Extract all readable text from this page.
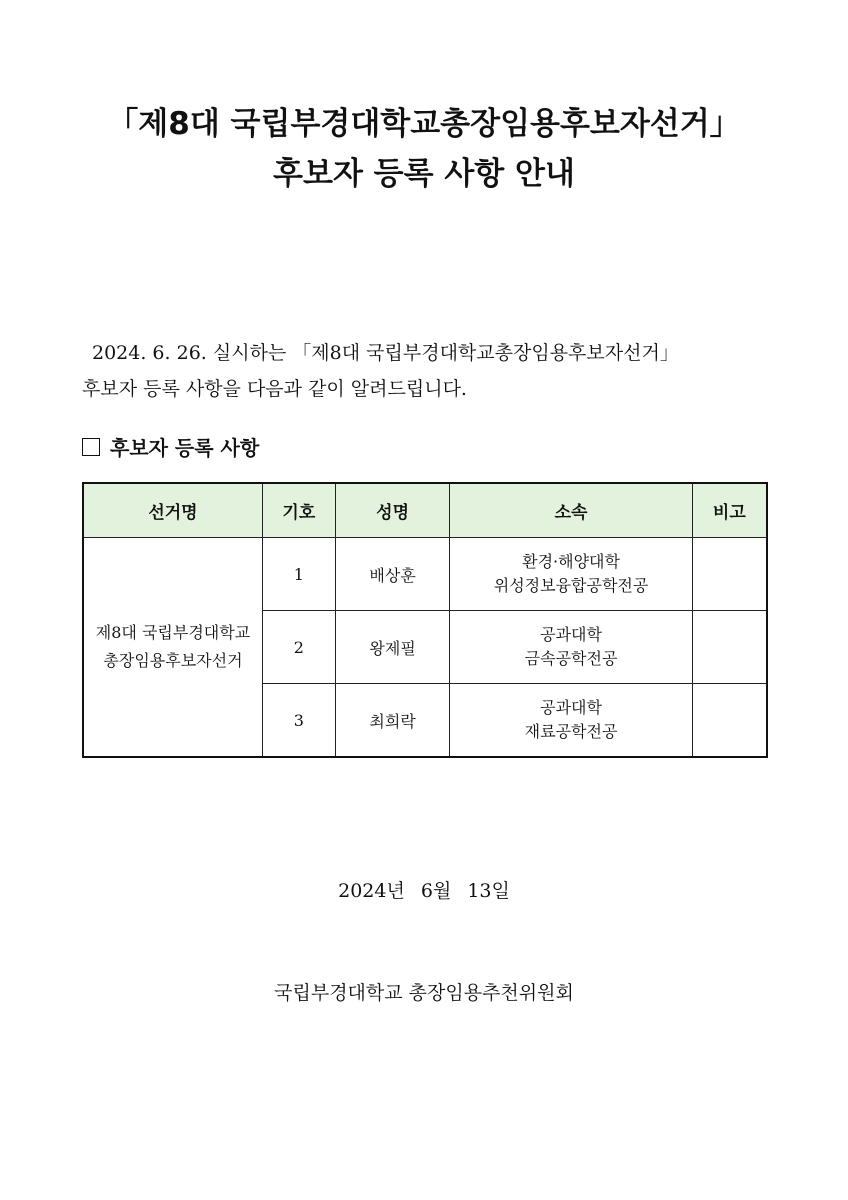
「제8대 국립부경대학교총장임용후보자선거」
후보자 등록 사항 안내
2024. 6. 26. 실시하는 「제8대 국립부경대학교총장임용후보자선거」
후보자 등록 사항을 다음과 같이 알려드립니다.
후보자 등록 사항
선거명	기호	성명	소속	비고

제8대 국립부경대학교
총장임용후보자선거	1	배상훈	환경·해양대학
위성정보융합공학전공	

	2	왕제필	공과대학
금속공학전공	

	3	최희락	공과대학
재료공학전공	

2024년 6월 13일
국립부경대학교 총장임용추천위원회
